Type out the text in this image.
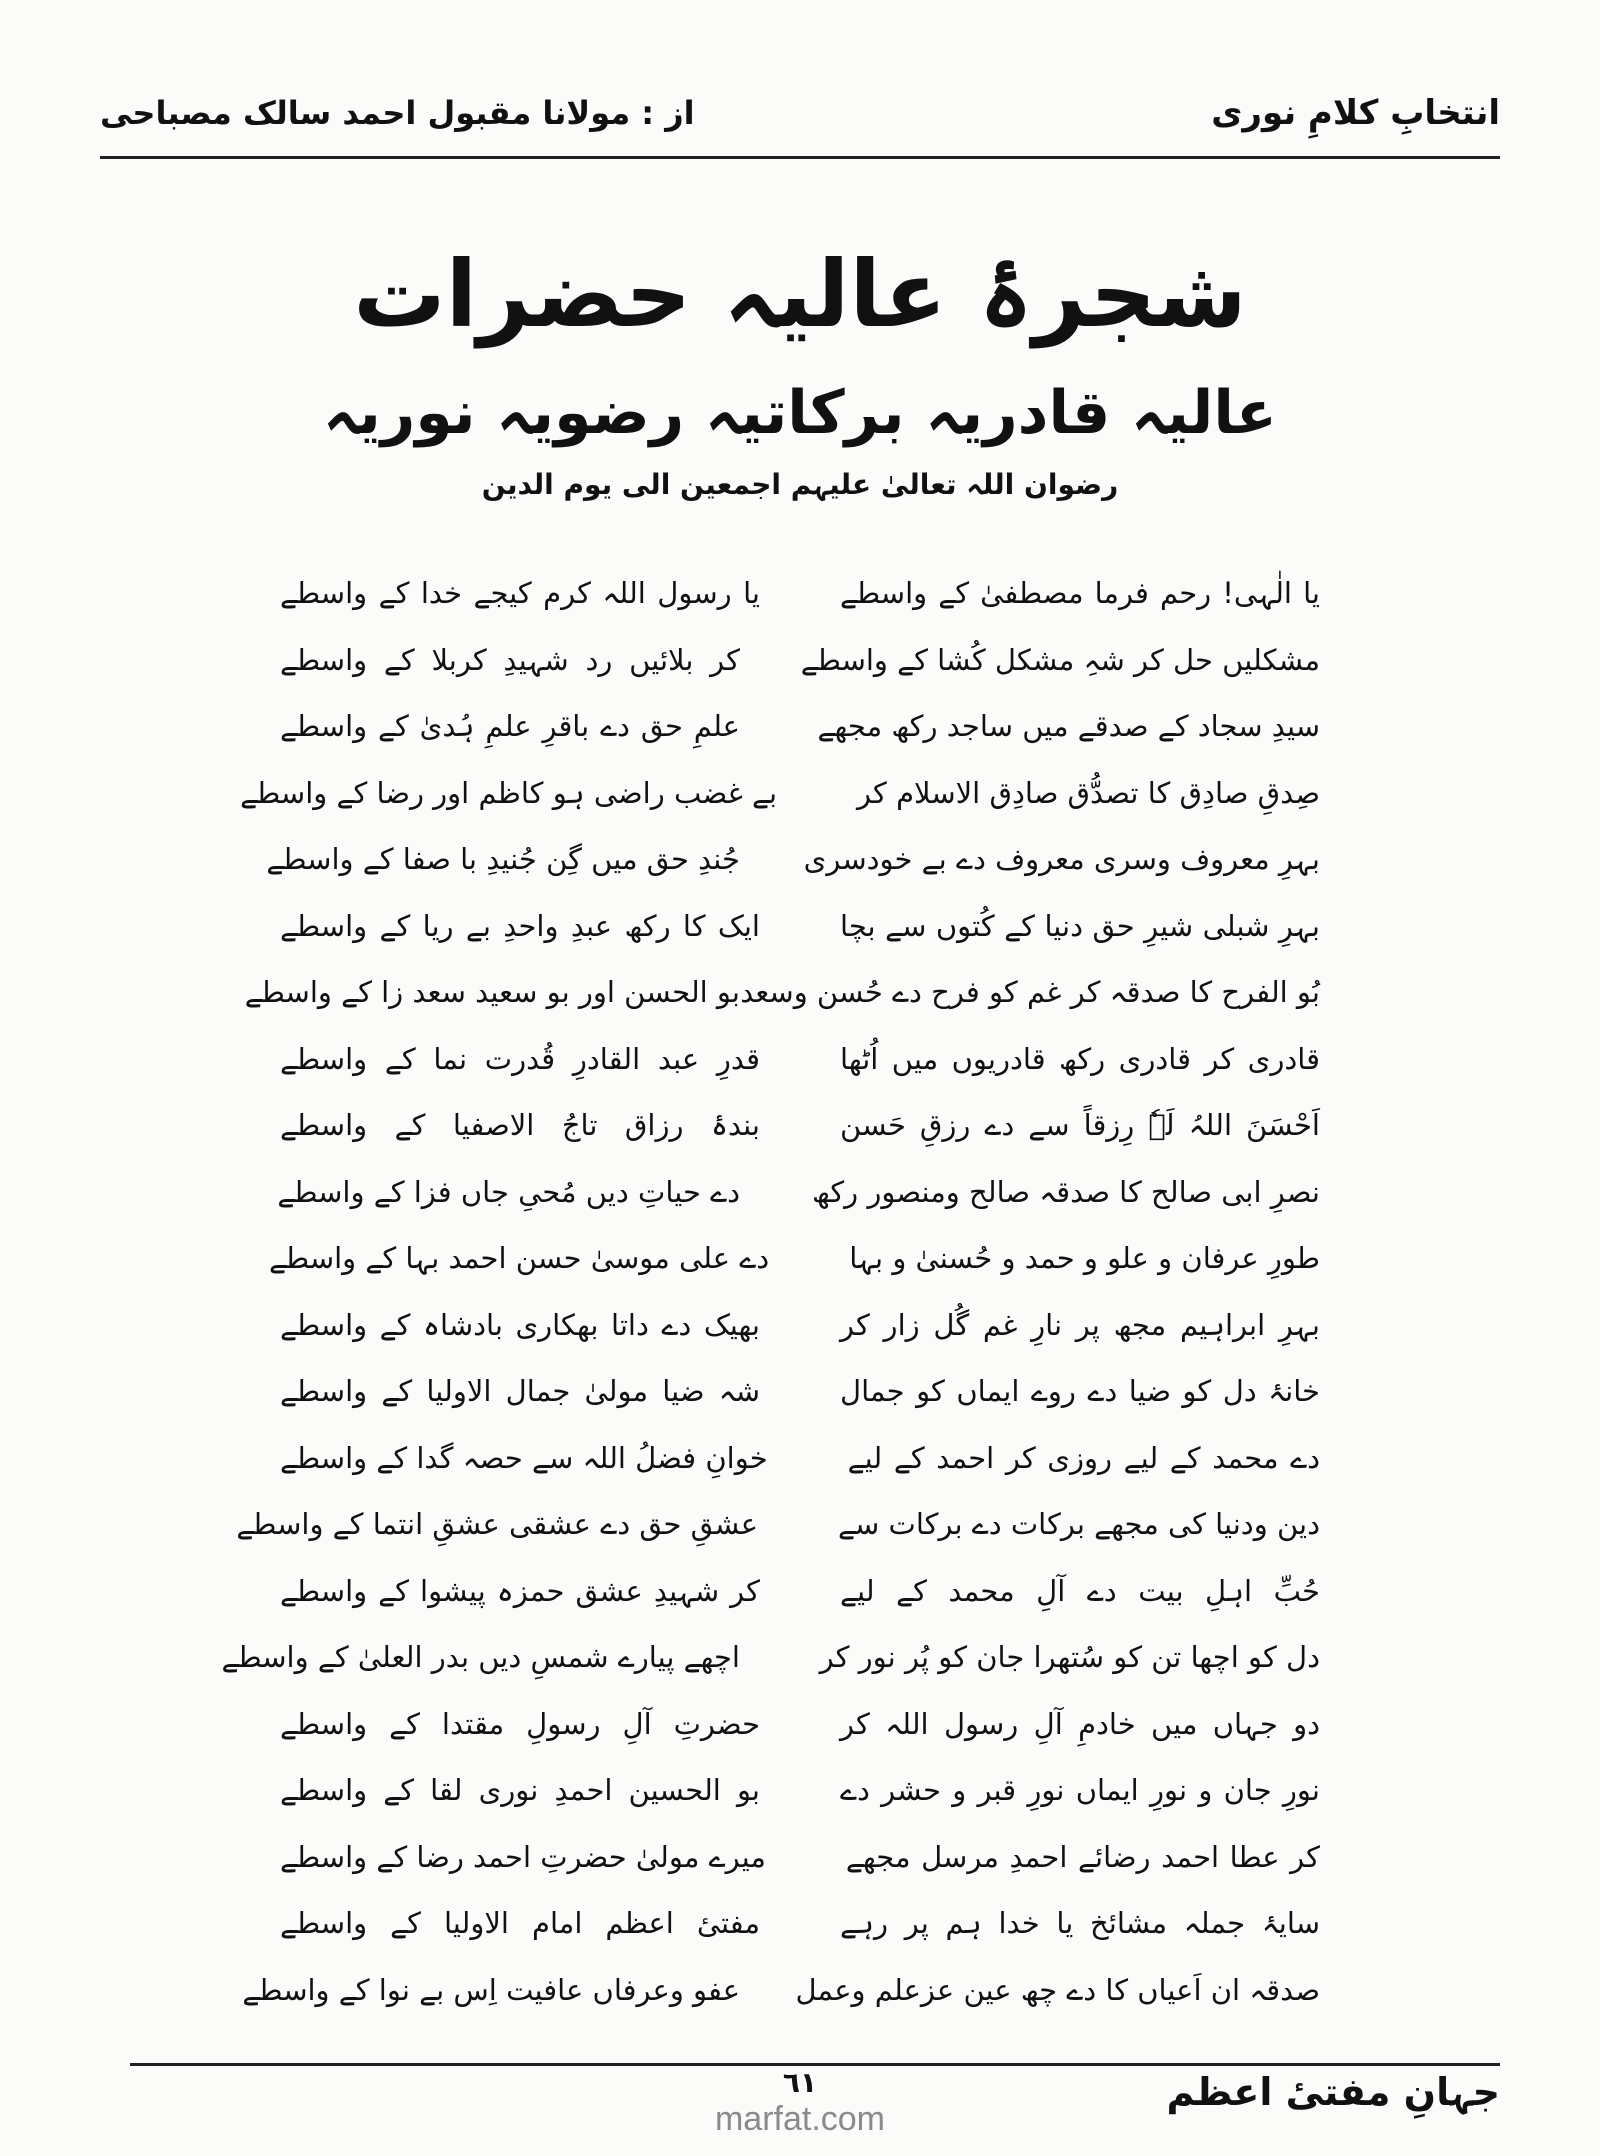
از : مولانا مقبول احمد سالک مصباحی	انتخابِ کلامِ نوری
شجرۂ عالیہ حضرات
عالیہ قادریہ برکاتیہ رضویہ نوریہ
رضوان اللہ تعالیٰ علیہم اجمعین الی یوم الدین
یا الٰہی! رحم فرما مصطفیٰ کے واسطے
یا رسول اللہ کرم کیجے خدا کے واسطے
مشکلیں حل کر شہِ مشکل کُشا کے واسطے
کر بلائیں رد شہیدِ کربلا کے واسطے
سیدِ سجاد کے صدقے میں ساجد رکھ مجھے
علمِ حق دے باقرِ علمِ ہُدیٰ کے واسطے
صِدقِ صادِق کا تصدُّق صادِق الاسلام کر
بے غضب راضی ہو کاظم اور رضا کے واسطے
بہرِ معروف وسری معروف دے بے خودسری
جُندِ حق میں گِن جُنیدِ با صفا کے واسطے
بہرِ شبلی شیرِ حق دنیا کے کُتوں سے بچا
ایک کا رکھ عبدِ واحدِ بے ریا کے واسطے
بُو الفرح کا صدقہ کر غم کو فرح دے حُسن وسعد
بو الحسن اور بو سعید سعد زا کے واسطے
قادری کر قادری رکھ قادریوں میں اُٹھا
قدرِ عبد القادرِ قُدرت نما کے واسطے
اَحْسَنَ اللہُ لَہٗ رِزقاً سے دے رزقِ حَسن
بندۂ رزاق تاجُ الاصفیا کے واسطے
نصرِ ابی صالح کا صدقہ صالح ومنصور رکھ
دے حیاتِ دیں مُحیِ جاں فزا کے واسطے
طورِ عرفان و علو و حمد و حُسنیٰ و بہا
دے علی موسیٰ حسن احمد بہا کے واسطے
بہرِ ابراہیم مجھ پر نارِ غم گُل زار کر
بھیک دے داتا بھکاری بادشاہ کے واسطے
خانۂ دل کو ضیا دے روے ایماں کو جمال
شہ ضیا مولیٰ جمال الاولیا کے واسطے
دے محمد کے لیے روزی کر احمد کے لیے
خوانِ فضلُ اللہ سے حصہ گدا کے واسطے
دین ودنیا کی مجھے برکات دے برکات سے
عشقِ حق دے عشقی عشقِ انتما کے واسطے
حُبِّ اہلِ بیت دے آلِ محمد کے لیے
کر شہیدِ عشق حمزہ پیشوا کے واسطے
دل کو اچھا تن کو سُتھرا جان کو پُر نور کر
اچھے پیارے شمسِ دیں بدر العلیٰ کے واسطے
دو جہاں میں خادمِ آلِ رسول اللہ کر
حضرتِ آلِ رسولِ مقتدا کے واسطے
نورِ جان و نورِ ایماں نورِ قبر و حشر دے
بو الحسین احمدِ نوری لقا کے واسطے
کر عطا احمد رضائے احمدِ مرسل مجھے
میرے مولیٰ حضرتِ احمد رضا کے واسطے
سایۂ جملہ مشائخ یا خدا ہم پر رہے
مفتیٔ اعظم امام الاولیا کے واسطے
صدقہ ان اَعیاں کا دے چھ عین عزعلم وعمل
عفو وعرفاں عافیت اِس بے نوا کے واسطے
جہانِ مفتیٔ اعظم
٦١
marfat.com
